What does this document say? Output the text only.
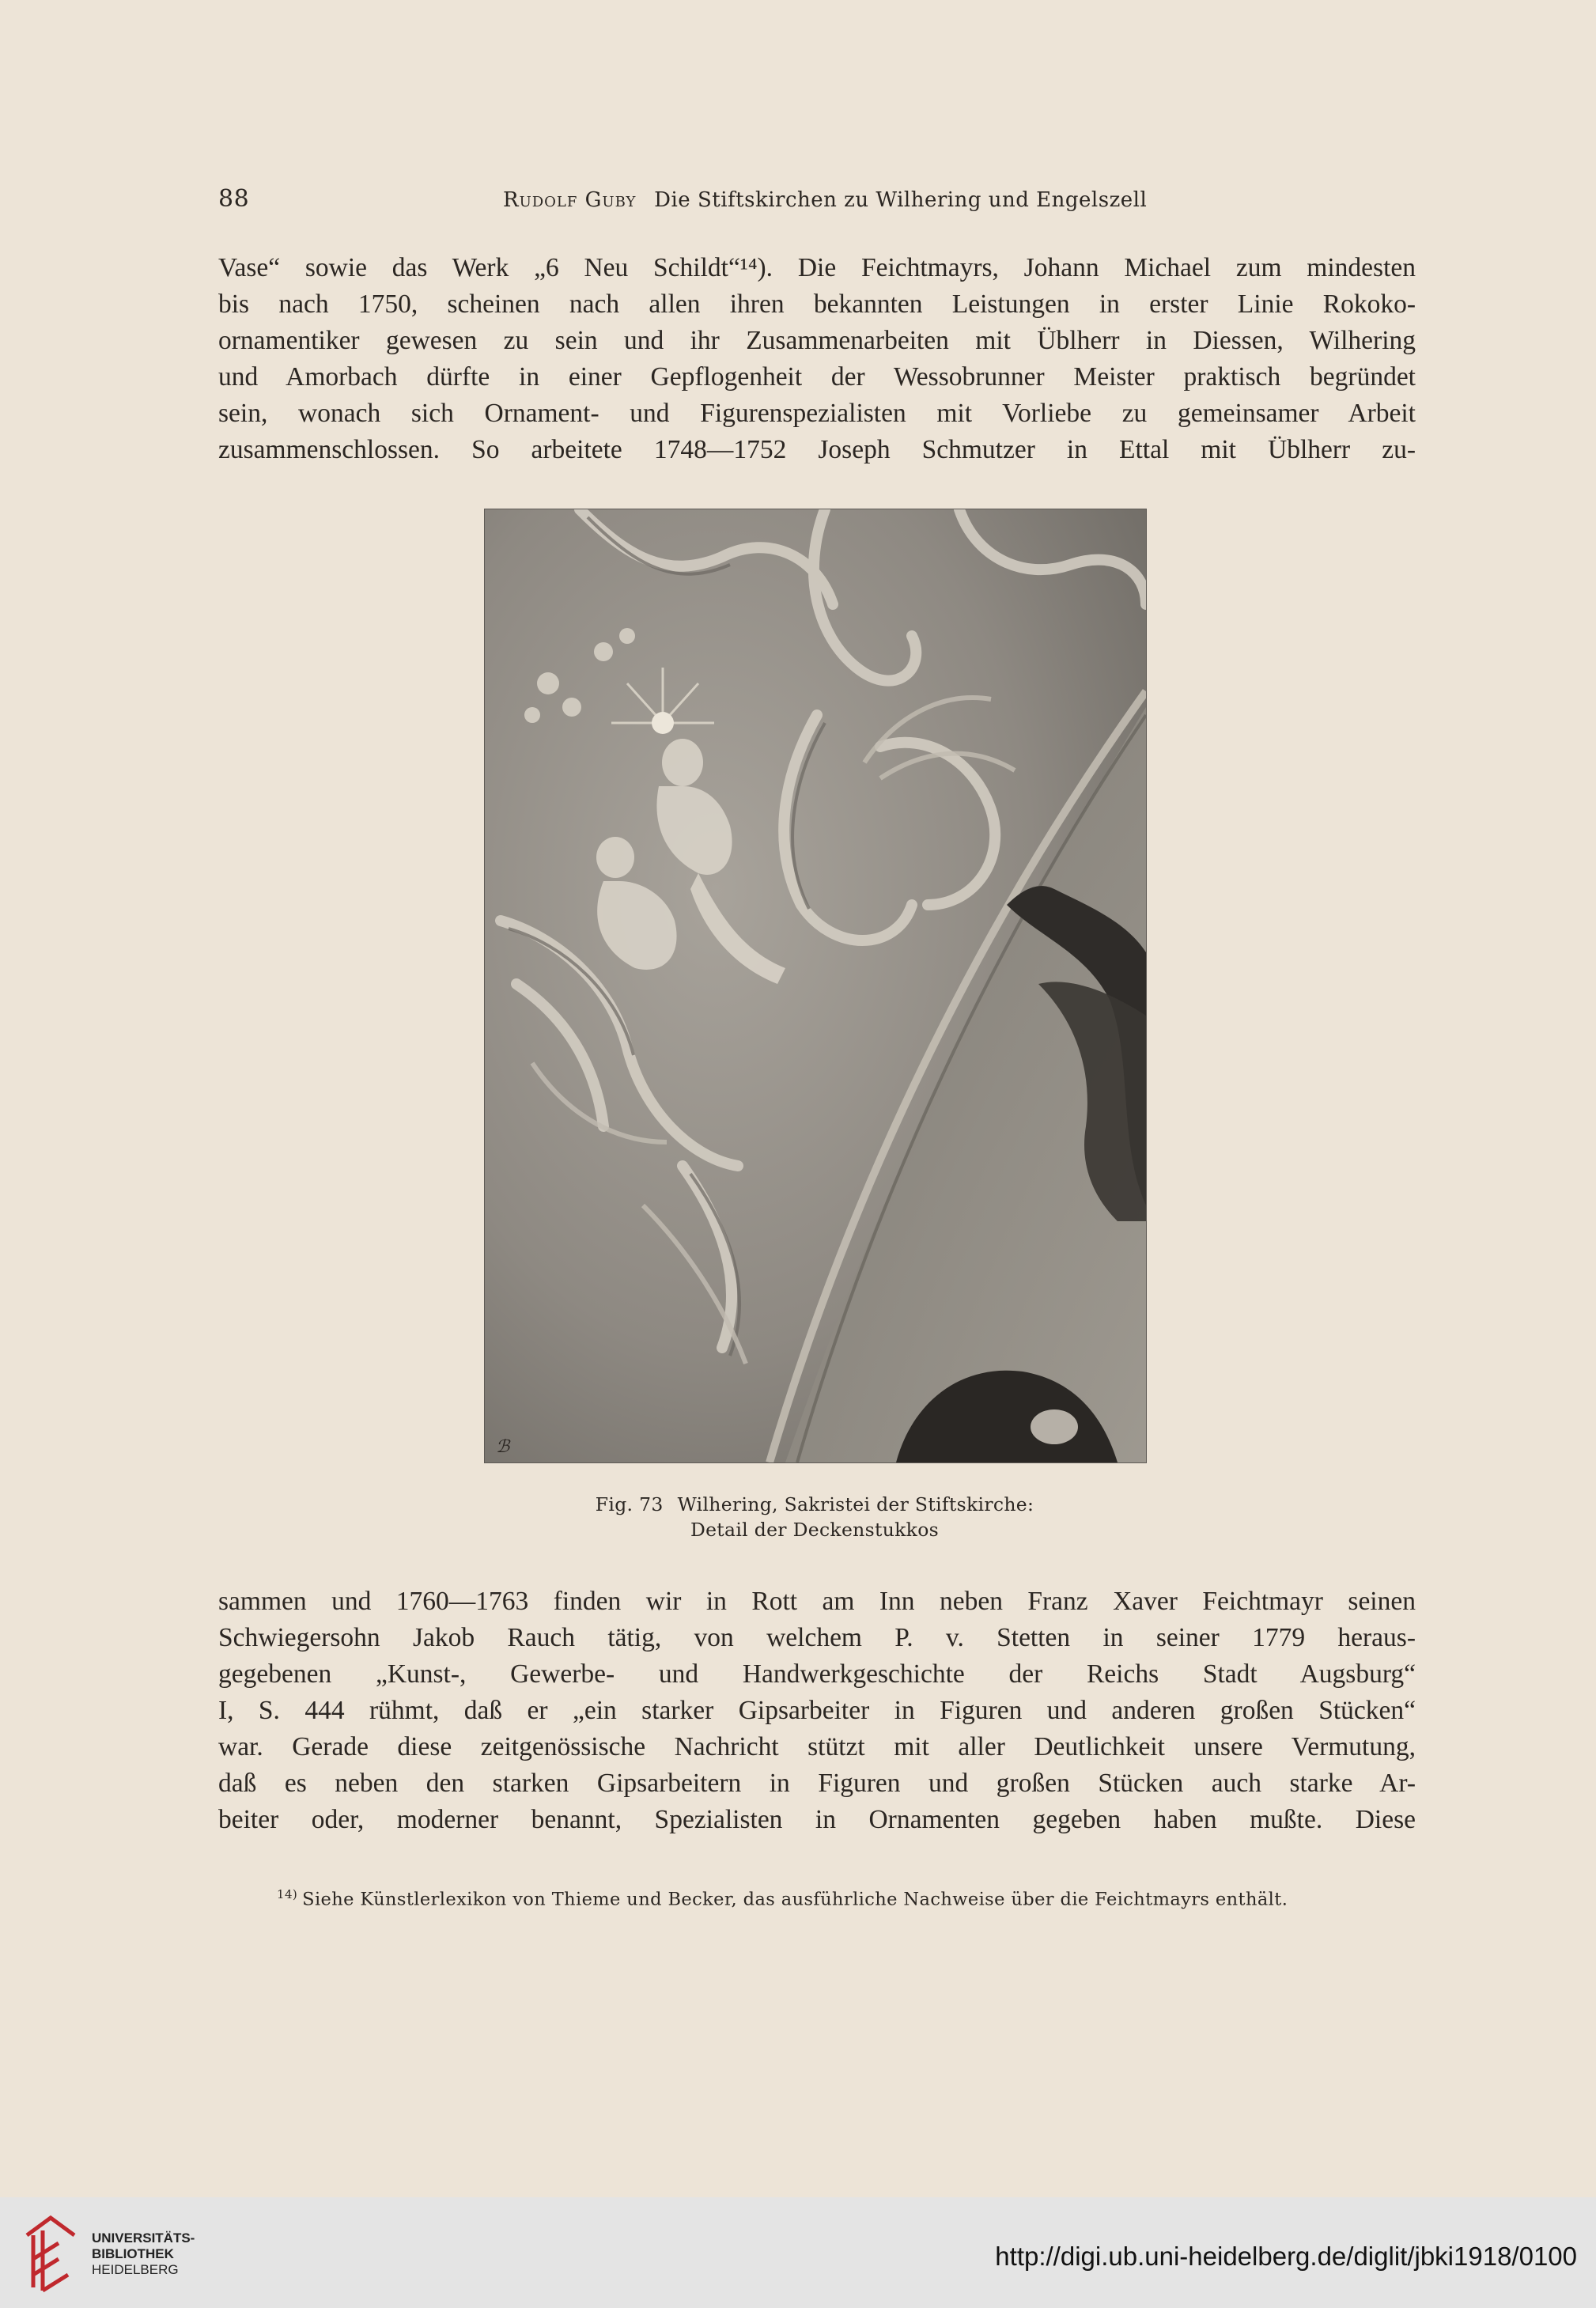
88	Rudolf Guby Die Stiftskirchen zu Wilhering und Engelszell
Vase“ sowie das Werk „6 Neu Schildt“¹⁴). Die Feichtmayrs, Johann Michael zum mindesten
bis nach 1750, scheinen nach allen ihren bekannten Leistungen in erster Linie Rokoko-
ornamentiker gewesen zu sein und ihr Zusammenarbeiten mit Üblherr in Diessen, Wilhering
und Amorbach dürfte in einer Gepflogenheit der Wessobrunner Meister praktisch begründet
sein, wonach sich Ornament- und Figurenspezialisten mit Vorliebe zu gemeinsamer Arbeit
zusammenschlossen. So arbeitete 1748—1752 Joseph Schmutzer in Ettal mit Üblherr zu-
ℬ
Fig. 73 Wilhering, Sakristei der Stiftskirche:
Detail der Deckenstukkos
sammen und 1760—1763 finden wir in Rott am Inn neben Franz Xaver Feichtmayr seinen
Schwiegersohn Jakob Rauch tätig, von welchem P. v. Stetten in seiner 1779 heraus-
gegebenen „Kunst-, Gewerbe- und Handwerkgeschichte der Reichs Stadt Augsburg“
I, S. 444 rühmt, daß er „ein starker Gipsarbeiter in Figuren und anderen großen Stücken“
war. Gerade diese zeitgenössische Nachricht stützt mit aller Deutlichkeit unsere Vermutung,
daß es neben den starken Gipsarbeitern in Figuren und großen Stücken auch starke Ar-
beiter oder, moderner benannt, Spezialisten in Ornamenten gegeben haben mußte. Diese
$^{14)}$ Siehe Künstlerlexikon von Thieme und Becker, das ausführliche Nachweise über die Feichtmayrs enthält.
UNIVERSITÄTS-
BIBLIOTHEK
HEIDELBERG	http://digi.ub.uni-heidelberg.de/diglit/jbki1918/0100
